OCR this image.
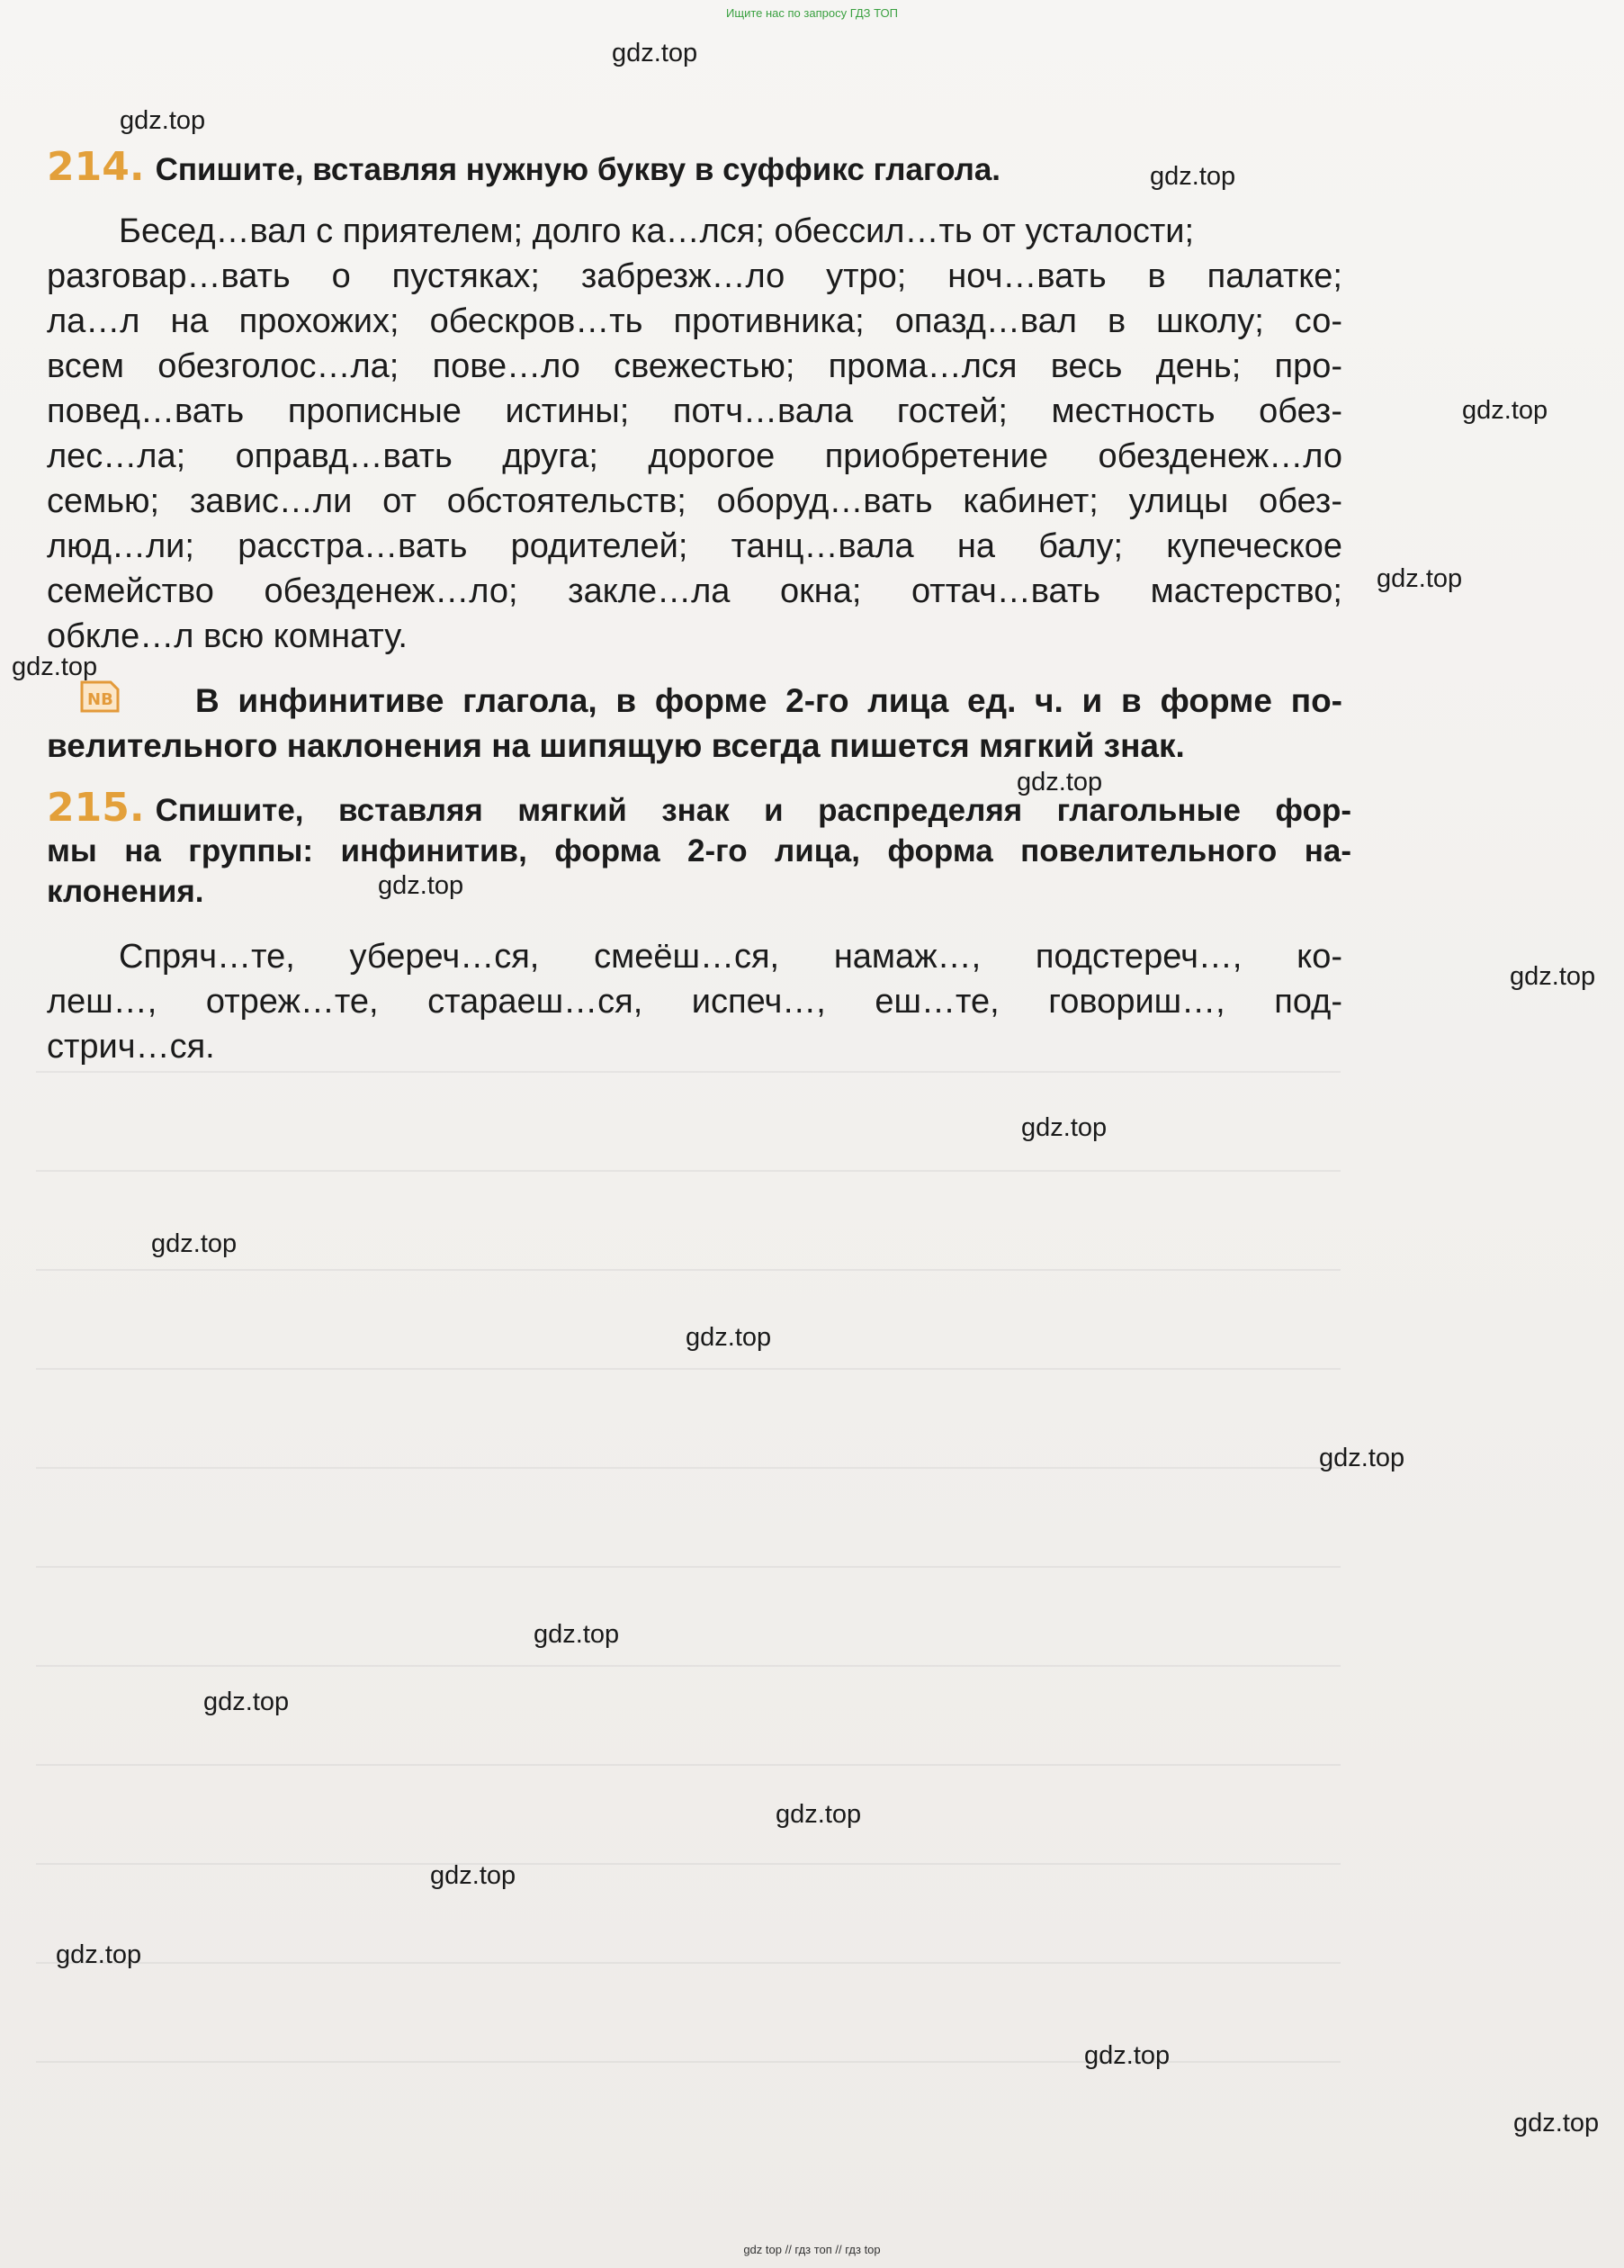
Ищите нас по запросу ГДЗ ТОП
214. Спишите, вставляя нужную букву в суффикс глагола.
Бесед…вал с приятелем; долго ка…лся; обессил…ть от усталости;
разговар…вать о пустяках; забрезж…ло утро; ноч…вать в палатке;
ла…л на прохожих; обескров…ть противника; опазд…вал в школу; со-
всем обезголос…ла; пове…ло свежестью; прома…лся весь день; про-
повед…вать прописные истины; потч…вала гостей; местность обез-
лес…ла; оправд…вать друга; дорогое приобретение обезденеж…ло
семью; завис…ли от обстоятельств; оборуд…вать кабинет; улицы обез-
люд…ли; расстра…вать родителей; танц…вала на балу; купеческое
семейство обезденеж…ло; закле…ла окна; оттач…вать мастерство;
обкле…л всю комнату.
NB	В инфинитиве глагола, в форме 2-го лица ед. ч. и в форме по- велительного наклонения на шипящую всегда пишется мягкий знак.
215. Спишите, вставляя мягкий знак и распределяя глагольные фор-
мы на группы: инфинитив, форма 2-го лица, форма повелительного на-
клонения.
Спряч…те, убереч…ся, смеёш…ся, намаж…, подстереч…, ко-
леш…, отреж…те, стараеш…ся, испеч…, еш…те, говориш…, под-
стрич…ся.
gdz.top
gdz.top
gdz.top
gdz.top
gdz.top
gdz.top
gdz.top
gdz.top
gdz.top
gdz.top
gdz.top
gdz.top
gdz.top
gdz.top
gdz.top
gdz.top
gdz.top
gdz.top
gdz.top
gdz.top
gdz top // гдз топ // гдз top
